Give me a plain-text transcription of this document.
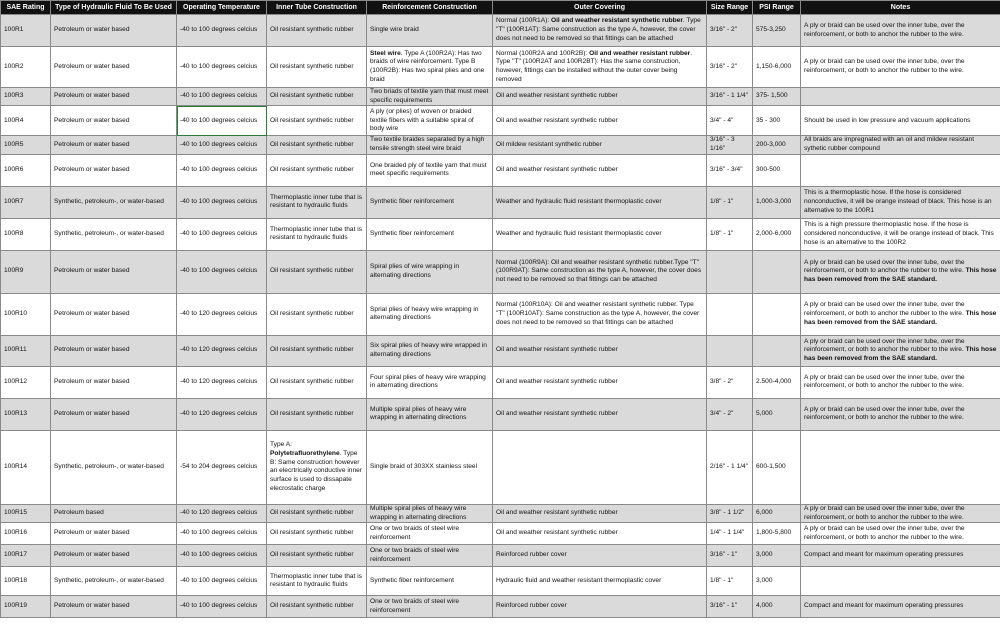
SAE Rating	Type of Hydraulic Fluid To Be Used	Operating Temperature	Inner Tube Construction	Reinforcement Construction	Outer Covering	Size Range	PSI Range	Notes
100R1	Petroleum or water based	-40 to 100 degrees celcius	Oil resistant synthetic rubber	Single wire braid	Normal (100R1A): Oil and weather resistant synthetic rubber. Type "T" (100R1AT): Same construction as the type A, however, the cover does not need to be removed so that fittings can be attached	3/16" - 2"	575-3,250	A ply or braid can be used over the inner tube, over the reinforcement, or both to anchor the rubber to the wire.
100R2	Petroleum or water based	-40 to 100 degrees celcius	Oil resistant synthetic rubber	Steel wire. Type A (100R2A): Has two braids of wire reinforcement. Type B (100R2B): Has two spiral plies and one braid	Normal (100R2A and 100R2B): Oil and weather resistant rubber. Type "T" (100R2AT and 100R2BT): Has the same construction, however, fittings can be installed without the outer cover being removed	3/16" - 2"	1,150-6,000	A ply or braid can be used over the inner tube, over the reinforcement, or both to anchor the rubber to the wire.
100R3	Petroleum or water based	-40 to 100 degrees celcius	Oil resistant synthetic rubber	Two briads of textile yarn that must meet specific requirements	Oil and weather resistant synthetic rubber	3/16" - 1 1/4"	375- 1,500	
100R4	Petroleum or water based	-40 to 100 degrees celcius	Oil resistant synthetic rubber	A ply (or plies) of woven or braided textile fibers with a suitable spiral of body wire	Oil and weather resistant synthetic rubber	3/4" - 4"	35 - 300	Should be used in low pressure and vacuum applications
100R5	Petroleum or water based	-40 to 100 degrees celcius	Oil resistant synthetic rubber	Two textile braides separated by a high tensile strength steel wire braid	Oil mildew resistant synthetic rubber	3/16" - 3 1/16"	200-3,000	All braids are impregnated with an oil and mildew resistant sythetic rubber compound
100R6	Petroleum or water based	-40 to 100 degrees celcius	Oil resistant synthetic rubber	One braided ply of textile yarn that must meet specific requirements	Oil and weather resistant synthetic rubber	3/16" - 3/4"	300-500	
100R7	Synthetic, petroleum-, or water-based	-40 to 100 degrees celcius	Thermoplastic inner tube that is resistant to hydraulic fluids	Synthetic fiber reinforcement	Weather and hydraulic fluid resistant thermoplastic cover	1/8" - 1"	1,000-3,000	This is a thermoplastic hose. If the hose is considered nonconductive, it will be orange instead of black. This hose is an alternative to the 100R1
100R8	Synthetic, petroleum-, or water-based	-40 to 100 degrees celcius	Thermoplastic inner tube that is resistant to hydraulic fluids	Synthetic fiber reinforcement	Weather and hydraulic fluid resistant thermoplastic cover	1/8" - 1"	2,000-6,000	This is a high pressure thermoplastic hose. If the hose is considered nonconductive, it will be orange instead of black. This hose is an alternative to the 100R2
100R9	Petroleum or water based	-40 to 100 degrees celcius	Oil resistant synthetic rubber	Spiral plies of wire wrapping in alternating directions	Normal (100R9A): Oil and weather resistant synthetic rubber.Type "T" (100R9AT): Same construction as the type A, however, the cover does not need to be removed so that fittings can be attached			A ply or braid can be used over the inner tube, over the reinforcement, or both to anchor the rubber to the wire. This hose has been removed from the SAE standard.
100R10	Petroleum or water based	-40 to 120 degrees celcius	Oil resistant synthetic rubber	Sprial plies of heavy wire wrapping in alternating directions	Normal (100R10A): Oil and weather resistant synthetic rubber. Type "T" (100R10AT): Same construction as the type A, however, the cover does not need to be removed so that fittings can be attached			A ply or braid can be used over the inner tube, over the reinforcement, or both to anchor the rubber to the wire. This hose has been removed from the SAE standard.
100R11	Petroleum or water based	-40 to 120 degrees celcius	Oil resistant synthetic rubber	Six spiral plies of heavy wire wrapped in alternating directions	Oil and weather resistant synthetic rubber			A ply or braid can be used over the inner tube, over the reinforcement, or both to anchor the rubber to the wire. This hose has been removed from the SAE standard.
100R12	Petroleum or water based	-40 to 120 degrees celcius	Oil resistant synthetic rubber	Four spiral plies of heavy wire wrapping in alternating directions	Oil and weather resistant synthetic rubber	3/8" - 2"	2.500-4,000	A ply or braid can be used over the inner tube, over the reinforcement, or both to anchor the rubber to the wire.
100R13	Petroleum or water based	-40 to 120 degrees celcius	Oil resistant synthetic rubber	Multiple spiral plies of heavy wire wrapping in alternating directions	Oil and weather resistant synthetic rubber	3/4" - 2"	5,000	A ply or braid can be used over the inner tube, over the reinforcement, or both to anchor the rubber to the wire.
100R14	Synthetic, petroleum-, or water-based	-54 to 204 degrees celcius	Type A: Polytetrafluorethylene. Type B: Same construction however an elecrtrically conductive inner surface is used to dissapate elecrostatic charge	Single braid of 303XX stainless steel		2/16" - 1 1/4"	600-1,500	
100R15	Petroleum based	-40 to 120 degrees celcius	Oil resistant synthetic rubber	Multiple spiral plies of heavy wire wrapping in alternating directions	Oil and weather resistant synthetic rubber	3/8" - 1 1/2"	6,000	A ply or braid can be used over the inner tube, over the reinforcement, or both to anchor the rubber to the wire.
100R16	Petroleum or water based	-40 to 100 degrees celcius	Oil resistant synthetic rubber	One or two braids of steel wire reinforcement	Oil and weather resistant synthetic rubber	1/4" - 1 1/4"	1,800-5,800	A ply or braid can be used over the inner tube, over the reinforcement, or both to anchor the rubber to the wire.
100R17	Petroleum or water based	-40 to 100 degrees celcius	Oil resistant synthetic rubber	One or two braids of steel wire reinforcement	Reinforced rubber cover	3/16" - 1"	3,000	Compact and meant for maximum operating pressures
100R18	Synthetic, petroleum-, or water-based	-40 to 100 degrees celcius	Thermoplastic inner tube that is resistant to hydraulic fluids	Synthetic fiber reinforcement	Hydraulic fluid and weather resistant thermoplastic cover	1/8" - 1"	3,000	
100R19	Petroleum or water based	-40 to 100 degrees celcius	Oil resistant synthetic rubber	One or two braids of steel wire reinforcement	Reinforced rubber cover	3/16" - 1"	4,000	Compact and meant for maximum operating pressures
